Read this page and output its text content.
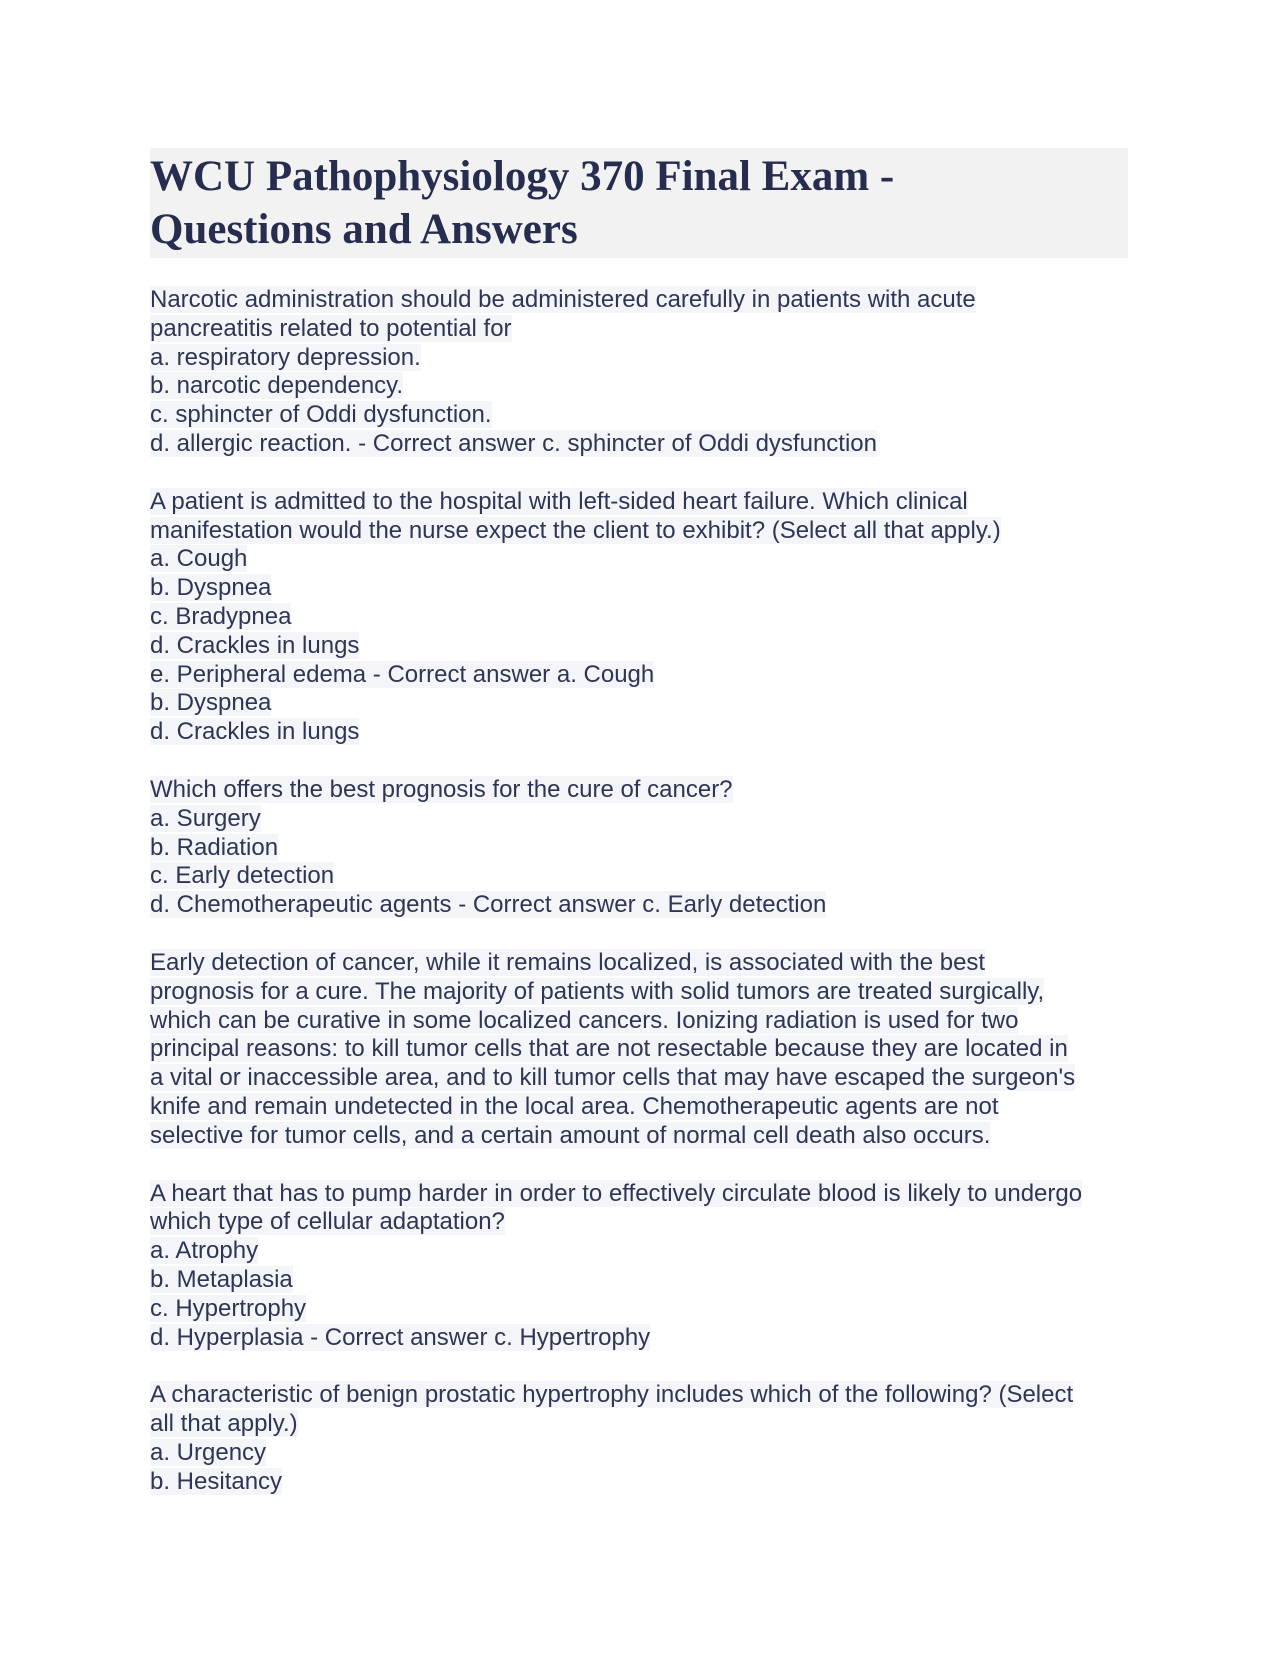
WCU Pathophysiology 370 Final Exam -
Questions and Answers
Narcotic administration should be administered carefully in patients with acute
pancreatitis related to potential for
a. respiratory depression.
b. narcotic dependency.
c. sphincter of Oddi dysfunction.
d. allergic reaction. - Correct answer c. sphincter of Oddi dysfunction
A patient is admitted to the hospital with left-sided heart failure. Which clinical
manifestation would the nurse expect the client to exhibit? (Select all that apply.)
a. Cough
b. Dyspnea
c. Bradypnea
d. Crackles in lungs
e. Peripheral edema - Correct answer a. Cough
b. Dyspnea
d. Crackles in lungs
Which offers the best prognosis for the cure of cancer?
a. Surgery
b. Radiation
c. Early detection
d. Chemotherapeutic agents - Correct answer c. Early detection
Early detection of cancer, while it remains localized, is associated with the best
prognosis for a cure. The majority of patients with solid tumors are treated surgically,
which can be curative in some localized cancers. Ionizing radiation is used for two
principal reasons: to kill tumor cells that are not resectable because they are located in
a vital or inaccessible area, and to kill tumor cells that may have escaped the surgeon's
knife and remain undetected in the local area. Chemotherapeutic agents are not
selective for tumor cells, and a certain amount of normal cell death also occurs.
A heart that has to pump harder in order to effectively circulate blood is likely to undergo
which type of cellular adaptation?
a. Atrophy
b. Metaplasia
c. Hypertrophy
d. Hyperplasia - Correct answer c. Hypertrophy
A characteristic of benign prostatic hypertrophy includes which of the following? (Select
all that apply.)
a. Urgency
b. Hesitancy
